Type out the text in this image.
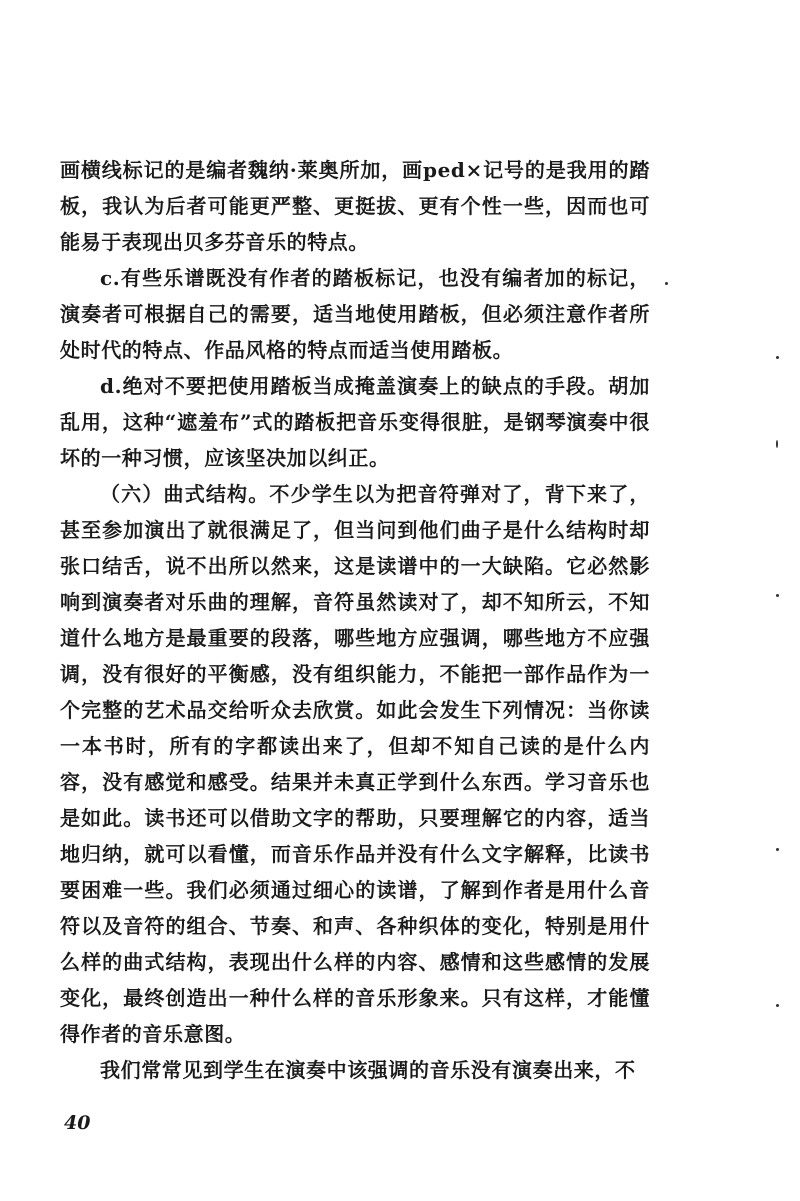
画横线标记的是编者魏纳·莱奥所加，画ped×记号的是我用的踏板，我认为后者可能更严整、更挺拔、更有个性一些，因而也可能易于表现出贝多芬音乐的特点。

c.有些乐谱既没有作者的踏板标记，也没有编者加的标记，演奏者可根据自己的需要，适当地使用踏板，但必须注意作者所处时代的特点、作品风格的特点而适当使用踏板。

d.绝对不要把使用踏板当成掩盖演奏上的缺点的手段。胡加乱用，这种“遮羞布”式的踏板把音乐变得很脏，是钢琴演奏中很坏的一种习惯，应该坚决加以纠正。

（六）曲式结构。不少学生以为把音符弹对了，背下来了，甚至参加演出了就很满足了，但当问到他们曲子是什么结构时却张口结舌，说不出所以然来，这是读谱中的一大缺陷。它必然影响到演奏者对乐曲的理解，音符虽然读对了，却不知所云，不知道什么地方是最重要的段落，哪些地方应强调，哪些地方不应强调，没有很好的平衡感，没有组织能力，不能把一部作品作为一个完整的艺术品交给听众去欣赏。如此会发生下列情况：当你读一本书时，所有的字都读出来了，但却不知自己读的是什么内容，没有感觉和感受。结果并未真正学到什么东西。学习音乐也是如此。读书还可以借助文字的帮助，只要理解它的内容，适当地归纳，就可以看懂，而音乐作品并没有什么文字解释，比读书要困难一些。我们必须通过细心的读谱，了解到作者是用什么音符以及音符的组合、节奏、和声、各种织体的变化，特别是用什么样的曲式结构，表现出什么样的内容、感情和这些感情的发展变化，最终创造出一种什么样的音乐形象来。只有这样，才能懂得作者的音乐意图。

我们常常见到学生在演奏中该强调的音乐没有演奏出来，不

40
